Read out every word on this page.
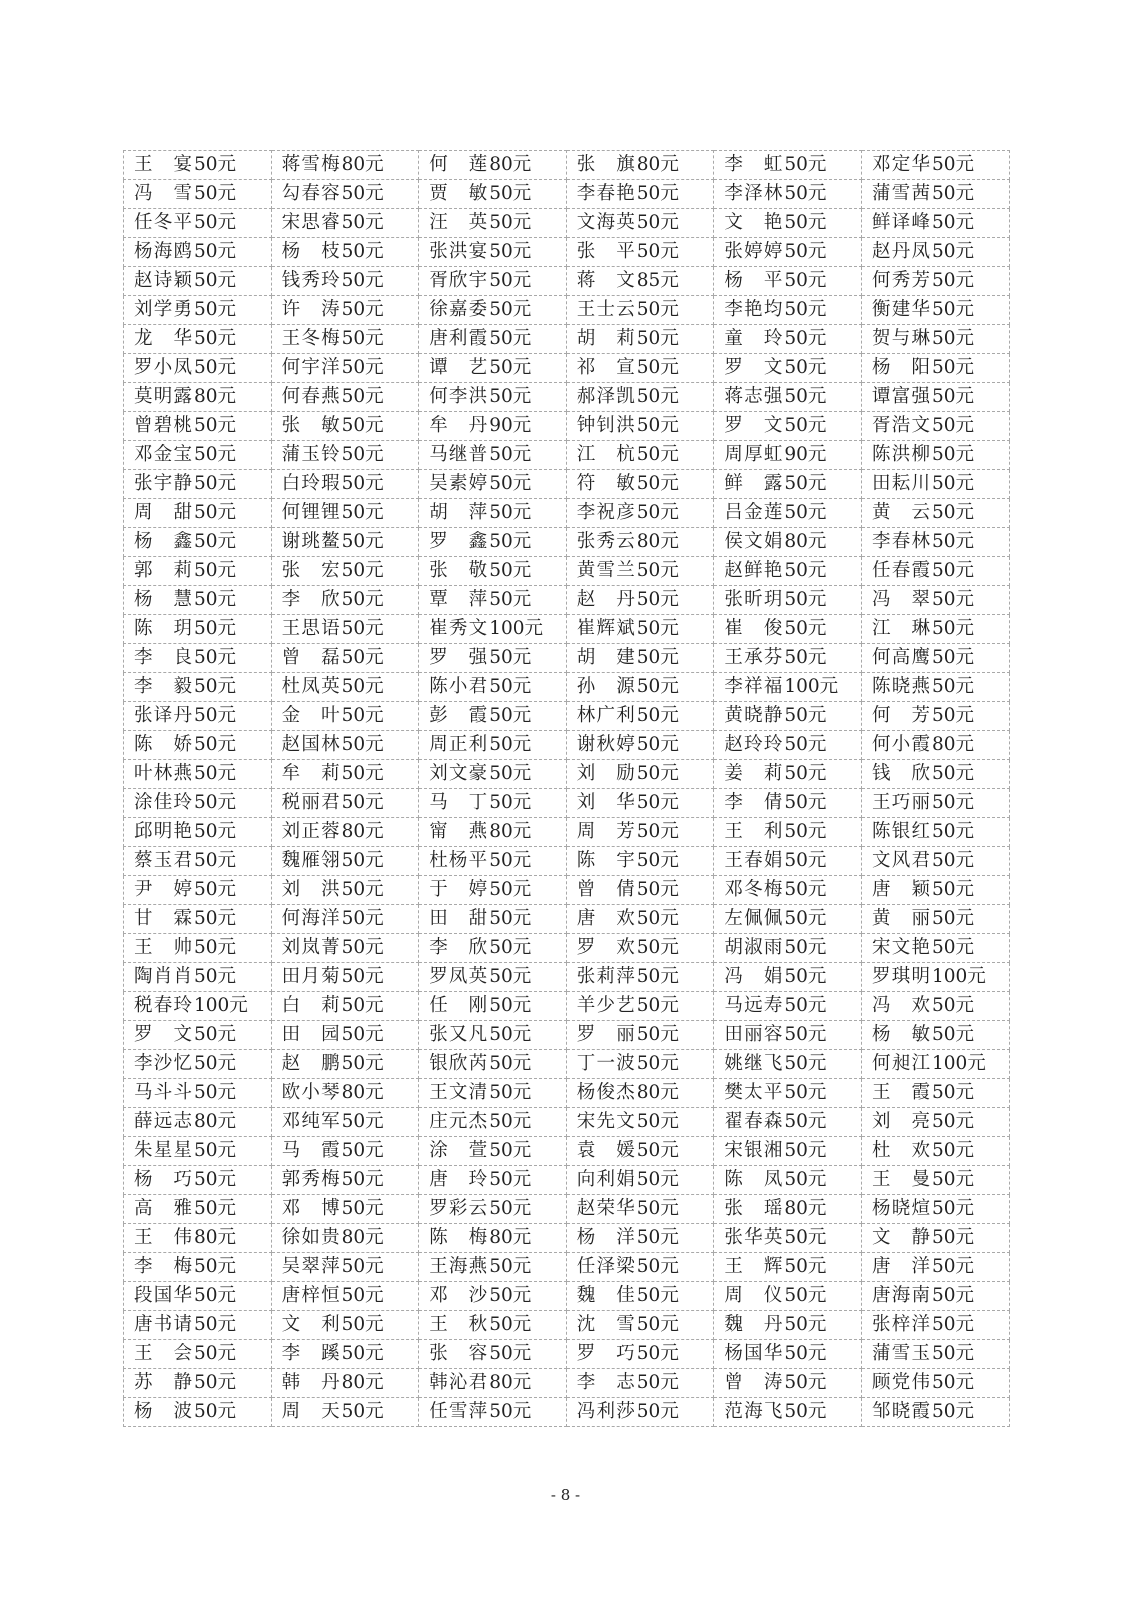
王 宴 50元	蒋雪梅 80元	何 莲 80元	张 旗 80元	李 虹 50元	邓定华 50元
冯 雪 50元	勾春容 50元	贾 敏 50元	李春艳 50元	李泽林 50元	蒲雪茜 50元
任冬平 50元	宋思睿 50元	汪 英 50元	文海英 50元	文 艳 50元	鲜译峰 50元
杨海鸥 50元	杨 枝 50元	张洪宴 50元	张 平 50元	张婷婷 50元	赵丹凤 50元
赵诗颖 50元	钱秀玲 50元	胥欣宇 50元	蒋 文 85元	杨 平 50元	何秀芳 50元
刘学勇 50元	许 涛 50元	徐嘉委 50元	王士云 50元	李艳均 50元	衡建华 50元
龙 华 50元	王冬梅 50元	唐利霞 50元	胡 莉 50元	童 玲 50元	贺与琳 50元
罗小凤 50元	何宇洋 50元	谭 艺 50元	祁 宣 50元	罗 文 50元	杨 阳 50元
莫明露 80元	何春燕 50元	何李洪 50元	郝泽凯 50元	蒋志强 50元	谭富强 50元
曾碧桃 50元	张 敏 50元	牟 丹 90元	钟钊洪 50元	罗 文 50元	胥浩文 50元
邓金宝 50元	蒲玉铃 50元	马继普 50元	江 杭 50元	周厚虹 90元	陈洪柳 50元
张宇静 50元	白玲瑕 50元	吴素婷 50元	符 敏 50元	鲜 露 50元	田耘川 50元
周 甜 50元	何锂锂 50元	胡 萍 50元	李祝彦 50元	吕金莲 50元	黄 云 50元
杨 鑫 50元	谢珧鳌 50元	罗 鑫 50元	张秀云 80元	侯文娟 80元	李春林 50元
郭 莉 50元	张 宏 50元	张 敬 50元	黄雪兰 50元	赵鲜艳 50元	任春霞 50元
杨 慧 50元	李 欣 50元	覃 萍 50元	赵 丹 50元	张昕玥 50元	冯 翠 50元
陈 玥 50元	王思语 50元	崔秀文 100元	崔辉斌 50元	崔 俊 50元	江 琳 50元
李 良 50元	曾 磊 50元	罗 强 50元	胡 建 50元	王承芬 50元	何高鹰 50元
李 毅 50元	杜凤英 50元	陈小君 50元	孙 源 50元	李祥福 100元	陈晓燕 50元
张译丹 50元	金 叶 50元	彭 霞 50元	林广利 50元	黄晓静 50元	何 芳 50元
陈 娇 50元	赵国林 50元	周正利 50元	谢秋婷 50元	赵玲玲 50元	何小霞 80元
叶林燕 50元	牟 莉 50元	刘文豪 50元	刘 励 50元	姜 莉 50元	钱 欣 50元
涂佳玲 50元	税丽君 50元	马 丁 50元	刘 华 50元	李 倩 50元	王巧丽 50元
邱明艳 50元	刘正蓉 80元	甯 燕 80元	周 芳 50元	王 利 50元	陈银红 50元
蔡玉君 50元	魏雁翎 50元	杜杨平 50元	陈 宇 50元	王春娟 50元	文风君 50元
尹 婷 50元	刘 洪 50元	于 婷 50元	曾 倩 50元	邓冬梅 50元	唐 颖 50元
甘 霖 50元	何海洋 50元	田 甜 50元	唐 欢 50元	左佩佩 50元	黄 丽 50元
王 帅 50元	刘岚菁 50元	李 欣 50元	罗 欢 50元	胡淑雨 50元	宋文艳 50元
陶肖肖 50元	田月菊 50元	罗凤英 50元	张莉萍 50元	冯 娟 50元	罗琪明 100元
税春玲 100元	白 莉 50元	任 刚 50元	羊少艺 50元	马远寿 50元	冯 欢 50元
罗 文 50元	田 园 50元	张又凡 50元	罗 丽 50元	田丽容 50元	杨 敏 50元
李沙忆 50元	赵 鹏 50元	银欣芮 50元	丁一波 50元	姚继飞 50元	何昶江 100元
马斗斗 50元	欧小琴 80元	王文清 50元	杨俊杰 80元	樊太平 50元	王 霞 50元
薛远志 80元	邓纯军 50元	庄元杰 50元	宋先文 50元	翟春森 50元	刘 亮 50元
朱星星 50元	马 霞 50元	涂 萱 50元	袁 媛 50元	宋银湘 50元	杜 欢 50元
杨 巧 50元	郭秀梅 50元	唐 玲 50元	向利娟 50元	陈 凤 50元	王 曼 50元
高 雅 50元	邓 博 50元	罗彩云 50元	赵荣华 50元	张 瑶 80元	杨晓煊 50元
王 伟 80元	徐如贵 80元	陈 梅 80元	杨 洋 50元	张华英 50元	文 静 50元
李 梅 50元	吴翠萍 50元	王海燕 50元	任泽梁 50元	王 辉 50元	唐 洋 50元
段国华 50元	唐梓恒 50元	邓 沙 50元	魏 佳 50元	周 仪 50元	唐海南 50元
唐书请 50元	文 利 50元	王 秋 50元	沈 雪 50元	魏 丹 50元	张梓洋 50元
王 会 50元	李 蹊 50元	张 容 50元	罗 巧 50元	杨国华 50元	蒲雪玉 50元
苏 静 50元	韩 丹 80元	韩沁君 80元	李 志 50元	曾 涛 50元	顾党伟 50元
杨 波 50元	周 天 50元	任雪萍 50元	冯利莎 50元	范海飞 50元	邹晓霞 50元
- 8 -
